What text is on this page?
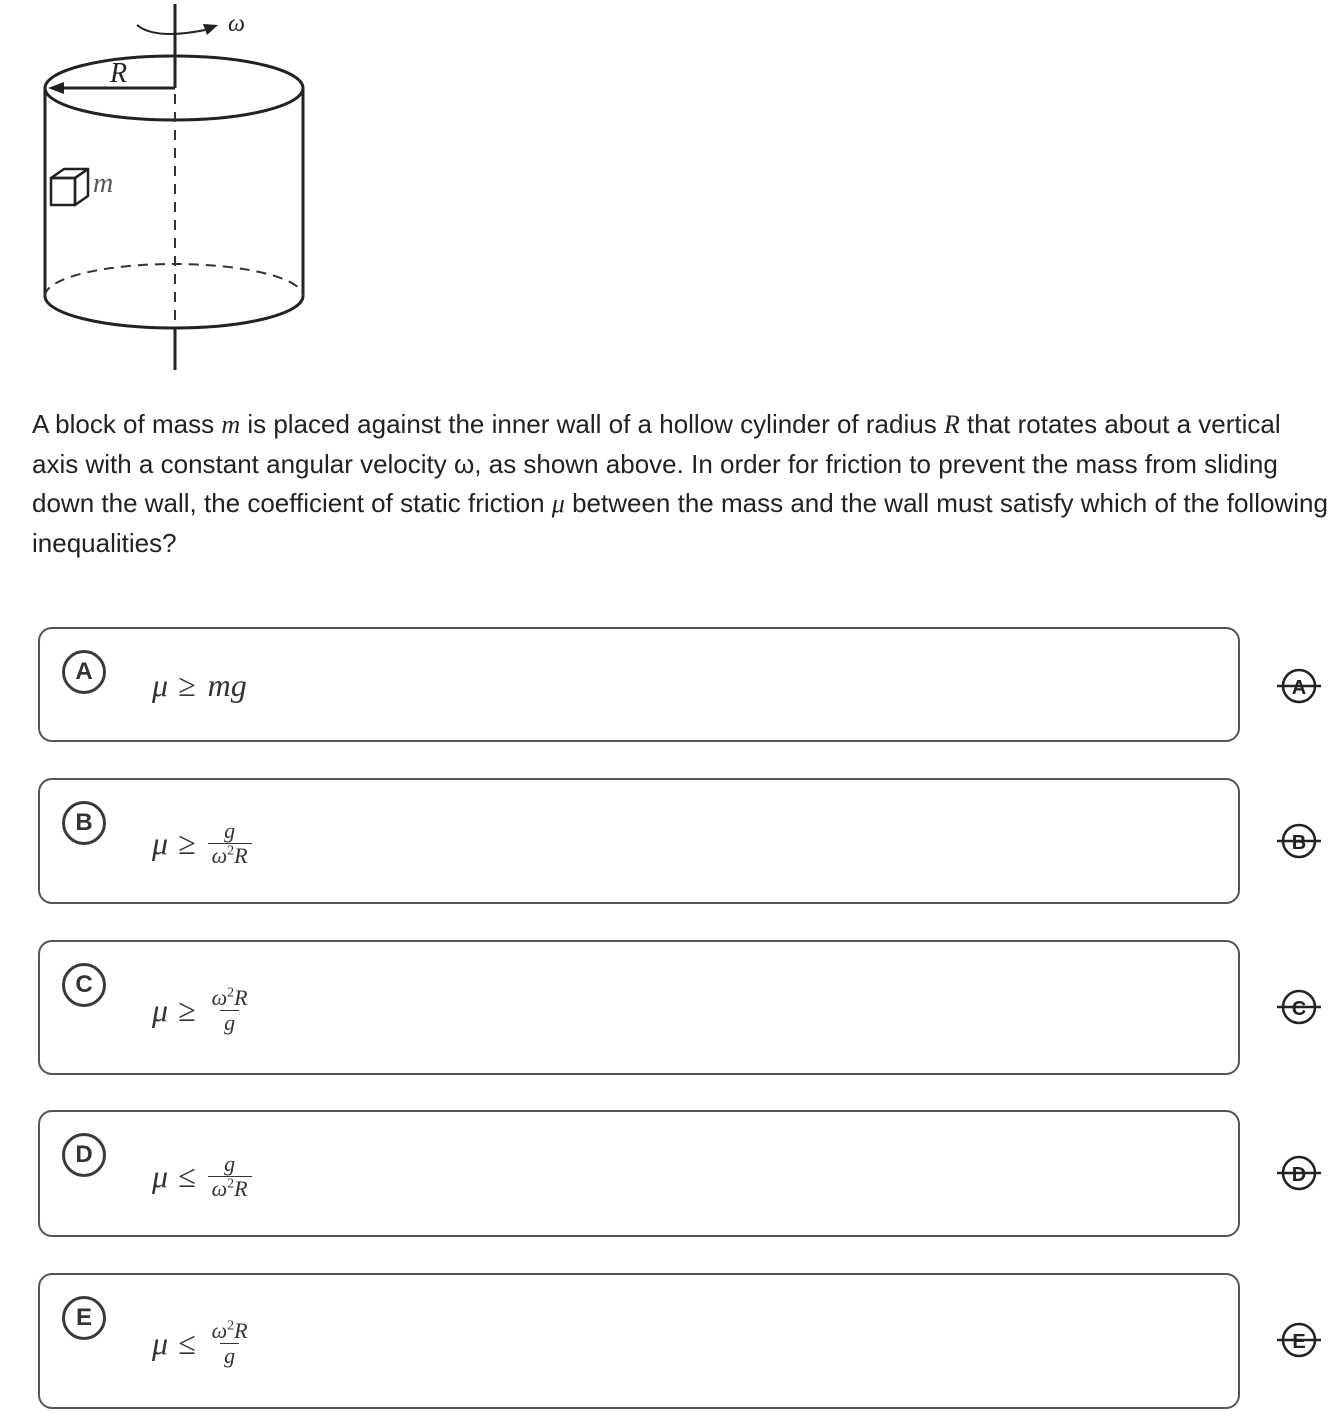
ω
R
m
A block of mass m is placed against the inner wall of a hollow cylinder of radius R that rotates about a vertical axis with a constant angular velocity ω, as shown above. In order for friction to prevent the mass from sliding down the wall, the coefficient of static friction μ between the mass and the wall must satisfy which of the following inequalities?
A	μ ≥ mg
B
$\mu \ge \frac{g}{\omega^2R}$
C
$\mu \ge \frac{\omega^2R}{g}$
D
$\mu \le \frac{g}{\omega^2R}$
E
$\mu \le \frac{\omega^2R}{g}$
A
B
C
D
E
